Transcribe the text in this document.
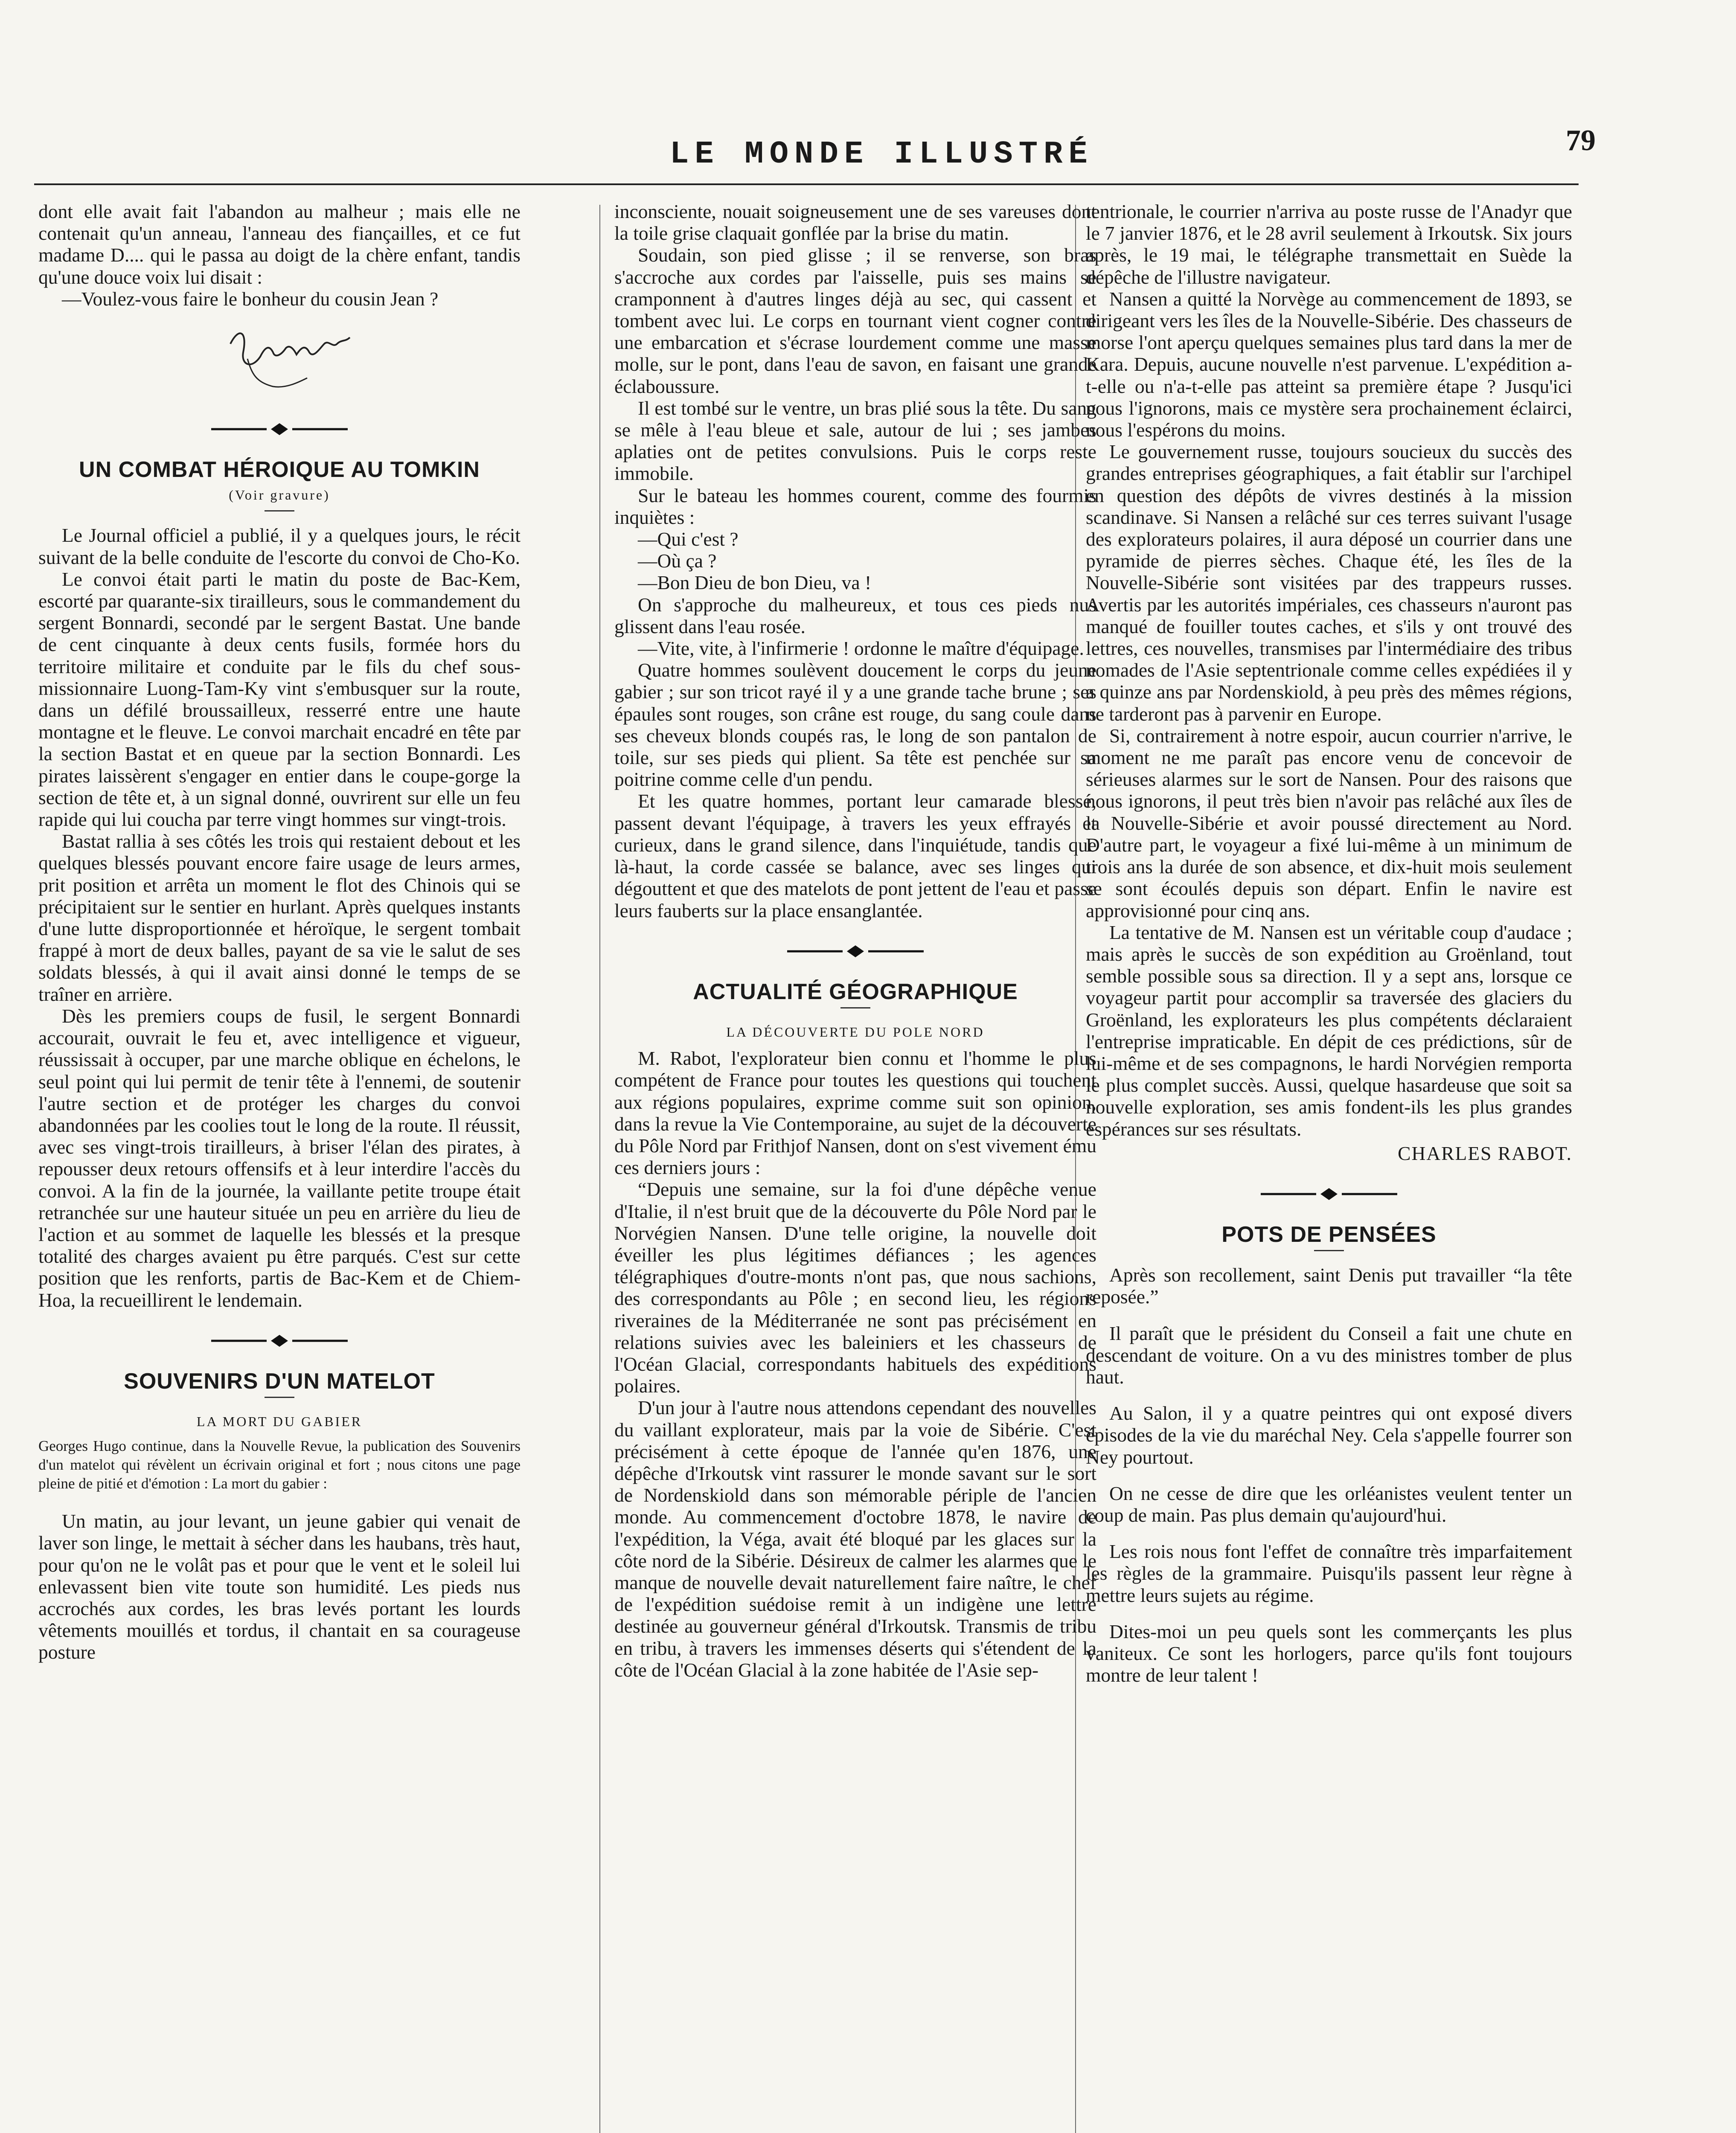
LE MONDE ILLUSTRÉ	79

dont elle avait fait l'abandon au malheur ; mais elle ne contenait qu'un anneau, l'anneau des fiançailles, et ce fut madame D.... qui le passa au doigt de la chère enfant, tandis qu'une douce voix lui disait :

—Voulez-vous faire le bonheur du cousin Jean ?

UN COMBAT HÉROIQUE AU TOMKIN
(Voir gravure)

Le Journal officiel a publié, il y a quelques jours, le récit suivant de la belle conduite de l'escorte du convoi de Cho-Ko.

Le convoi était parti le matin du poste de Bac-Kem, escorté par quarante-six tirailleurs, sous le commandement du sergent Bonnardi, secondé par le sergent Bastat. Une bande de cent cinquante à deux cents fusils, formée hors du territoire militaire et conduite par le fils du chef sous-missionnaire Luong-Tam-Ky vint s'embusquer sur la route, dans un défilé broussailleux, resserré entre une haute montagne et le fleuve. Le convoi marchait encadré en tête par la section Bastat et en queue par la section Bonnardi. Les pirates laissèrent s'engager en entier dans le coupe-gorge la section de tête et, à un signal donné, ouvrirent sur elle un feu rapide qui lui coucha par terre vingt hommes sur vingt-trois.

Bastat rallia à ses côtés les trois qui restaient debout et les quelques blessés pouvant encore faire usage de leurs armes, prit position et arrêta un moment le flot des Chinois qui se précipitaient sur le sentier en hurlant. Après quelques instants d'une lutte disproportionnée et héroïque, le sergent tombait frappé à mort de deux balles, payant de sa vie le salut de ses soldats blessés, à qui il avait ainsi donné le temps de se traîner en arrière.

Dès les premiers coups de fusil, le sergent Bonnardi accourait, ouvrait le feu et, avec intelligence et vigueur, réussissait à occuper, par une marche oblique en échelons, le seul point qui lui permit de tenir tête à l'ennemi, de soutenir l'autre section et de protéger les charges du convoi abandonnées par les coolies tout le long de la route. Il réussit, avec ses vingt-trois tirailleurs, à briser l'élan des pirates, à repousser deux retours offensifs et à leur interdire l'accès du convoi. A la fin de la journée, la vaillante petite troupe était retranchée sur une hauteur située un peu en arrière du lieu de l'action et au sommet de laquelle les blessés et la presque totalité des charges avaient pu être parqués. C'est sur cette position que les renforts, partis de Bac-Kem et de Chiem-Hoa, la recueillirent le lendemain.

SOUVENIRS D'UN MATELOT
LA MORT DU GABIER

Georges Hugo continue, dans la Nouvelle Revue, la publication des Souvenirs d'un matelot qui révèlent un écrivain original et fort ; nous citons une page pleine de pitié et d'émotion : La mort du gabier :

Un matin, au jour levant, un jeune gabier qui venait de laver son linge, le mettait à sécher dans les haubans, très haut, pour qu'on ne le volât pas et pour que le vent et le soleil lui enlevassent bien vite toute son humidité. Les pieds nus accrochés aux cordes, les bras levés portant les lourds vêtements mouillés et tordus, il chantait en sa courageuse posture

inconsciente, nouait soigneusement une de ses vareuses dont la toile grise claquait gonflée par la brise du matin.

Soudain, son pied glisse ; il se renverse, son bras s'accroche aux cordes par l'aisselle, puis ses mains se cramponnent à d'autres linges déjà au sec, qui cassent et tombent avec lui. Le corps en tournant vient cogner contre une embarcation et s'écrase lourdement comme une masse molle, sur le pont, dans l'eau de savon, en faisant une grande éclaboussure.

Il est tombé sur le ventre, un bras plié sous la tête. Du sang se mêle à l'eau bleue et sale, autour de lui ; ses jambes aplaties ont de petites convulsions. Puis le corps reste immobile.

Sur le bateau les hommes courent, comme des fourmis inquiètes :

—Qui c'est ?

—Où ça ?

—Bon Dieu de bon Dieu, va !

On s'approche du malheureux, et tous ces pieds nus glissent dans l'eau rosée.

—Vite, vite, à l'infirmerie ! ordonne le maître d'équipage.

Quatre hommes soulèvent doucement le corps du jeune gabier ; sur son tricot rayé il y a une grande tache brune ; ses épaules sont rouges, son crâne est rouge, du sang coule dans ses cheveux blonds coupés ras, le long de son pantalon de toile, sur ses pieds qui plient. Sa tête est penchée sur sa poitrine comme celle d'un pendu.

Et les quatre hommes, portant leur camarade blessé, passent devant l'équipage, à travers les yeux effrayés et curieux, dans le grand silence, dans l'inquiétude, tandis que là-haut, la corde cassée se balance, avec ses linges qui dégouttent et que des matelots de pont jettent de l'eau et passe leurs fauberts sur la place ensanglantée.

ACTUALITÉ GÉOGRAPHIQUE
LA DÉCOUVERTE DU POLE NORD

M. Rabot, l'explorateur bien connu et l'homme le plus compétent de France pour toutes les questions qui touchent aux régions populaires, exprime comme suit son opinion, dans la revue la Vie Contemporaine, au sujet de la découverte du Pôle Nord par Frithjof Nansen, dont on s'est vivement ému ces derniers jours :

“Depuis une semaine, sur la foi d'une dépêche venue d'Italie, il n'est bruit que de la découverte du Pôle Nord par le Norvégien Nansen. D'une telle origine, la nouvelle doit éveiller les plus légitimes défiances ; les agences télégraphiques d'outre-monts n'ont pas, que nous sachions, des correspondants au Pôle ; en second lieu, les régions riveraines de la Méditerranée ne sont pas précisément en relations suivies avec les baleiniers et les chasseurs de l'Océan Glacial, correspondants habituels des expéditions polaires.

D'un jour à l'autre nous attendons cependant des nouvelles du vaillant explorateur, mais par la voie de Sibérie. C'est précisément à cette époque de l'année qu'en 1876, une dépêche d'Irkoutsk vint rassurer le monde savant sur le sort de Nordenskiold dans son mémorable périple de l'ancien monde. Au commencement d'octobre 1878, le navire de l'expédition, la Véga, avait été bloqué par les glaces sur la côte nord de la Sibérie. Désireux de calmer les alarmes que le manque de nouvelle devait naturellement faire naître, le chef de l'expédition suédoise remit à un indigène une lettre destinée au gouverneur général d'Irkoutsk. Transmis de tribu en tribu, à travers les immenses déserts qui s'étendent de la côte de l'Océan Glacial à la zone habitée de l'Asie sep-

tentrionale, le courrier n'arriva au poste russe de l'Anadyr que le 7 janvier 1876, et le 28 avril seulement à Irkoutsk. Six jours après, le 19 mai, le télégraphe transmettait en Suède la dépêche de l'illustre navigateur.

Nansen a quitté la Norvège au commencement de 1893, se dirigeant vers les îles de la Nouvelle-Sibérie. Des chasseurs de morse l'ont aperçu quelques semaines plus tard dans la mer de Kara. Depuis, aucune nouvelle n'est parvenue. L'expédition a-t-elle ou n'a-t-elle pas atteint sa première étape ? Jusqu'ici nous l'ignorons, mais ce mystère sera prochainement éclairci, nous l'espérons du moins.

Le gouvernement russe, toujours soucieux du succès des grandes entreprises géographiques, a fait établir sur l'archipel en question des dépôts de vivres destinés à la mission scandinave. Si Nansen a relâché sur ces terres suivant l'usage des explorateurs polaires, il aura déposé un courrier dans une pyramide de pierres sèches. Chaque été, les îles de la Nouvelle-Sibérie sont visitées par des trappeurs russes. Avertis par les autorités impériales, ces chasseurs n'auront pas manqué de fouiller toutes caches, et s'ils y ont trouvé des lettres, ces nouvelles, transmises par l'intermédiaire des tribus nomades de l'Asie septentrionale comme celles expédiées il y a quinze ans par Nordenskiold, à peu près des mêmes régions, ne tarderont pas à parvenir en Europe.

Si, contrairement à notre espoir, aucun courrier n'arrive, le moment ne me paraît pas encore venu de concevoir de sérieuses alarmes sur le sort de Nansen. Pour des raisons que nous ignorons, il peut très bien n'avoir pas relâché aux îles de la Nouvelle-Sibérie et avoir poussé directement au Nord. D'autre part, le voyageur a fixé lui-même à un minimum de trois ans la durée de son absence, et dix-huit mois seulement se sont écoulés depuis son départ. Enfin le navire est approvisionné pour cinq ans.

La tentative de M. Nansen est un véritable coup d'audace ; mais après le succès de son expédition au Groënland, tout semble possible sous sa direction. Il y a sept ans, lorsque ce voyageur partit pour accomplir sa traversée des glaciers du Groënland, les explorateurs les plus compétents déclaraient l'entreprise impraticable. En dépit de ces prédictions, sûr de lui-même et de ses compagnons, le hardi Norvégien remporta le plus complet succès. Aussi, quelque hasardeuse que soit sa nouvelle exploration, ses amis fondent-ils les plus grandes espérances sur ses résultats.

CHARLES RABOT.

POTS DE PENSÉES

Après son recollement, saint Denis put travailler “la tête reposée.”

Il paraît que le président du Conseil a fait une chute en descendant de voiture. On a vu des ministres tomber de plus haut.

Au Salon, il y a quatre peintres qui ont exposé divers épisodes de la vie du maréchal Ney. Cela s'appelle fourrer son Ney pourtout.

On ne cesse de dire que les orléanistes veulent tenter un coup de main. Pas plus demain qu'aujourd'hui.

Les rois nous font l'effet de connaître très imparfaitement les règles de la grammaire. Puisqu'ils passent leur règne à mettre leurs sujets au régime.

Dites-moi un peu quels sont les commerçants les plus vaniteux. Ce sont les horlogers, parce qu'ils font toujours montre de leur talent !
